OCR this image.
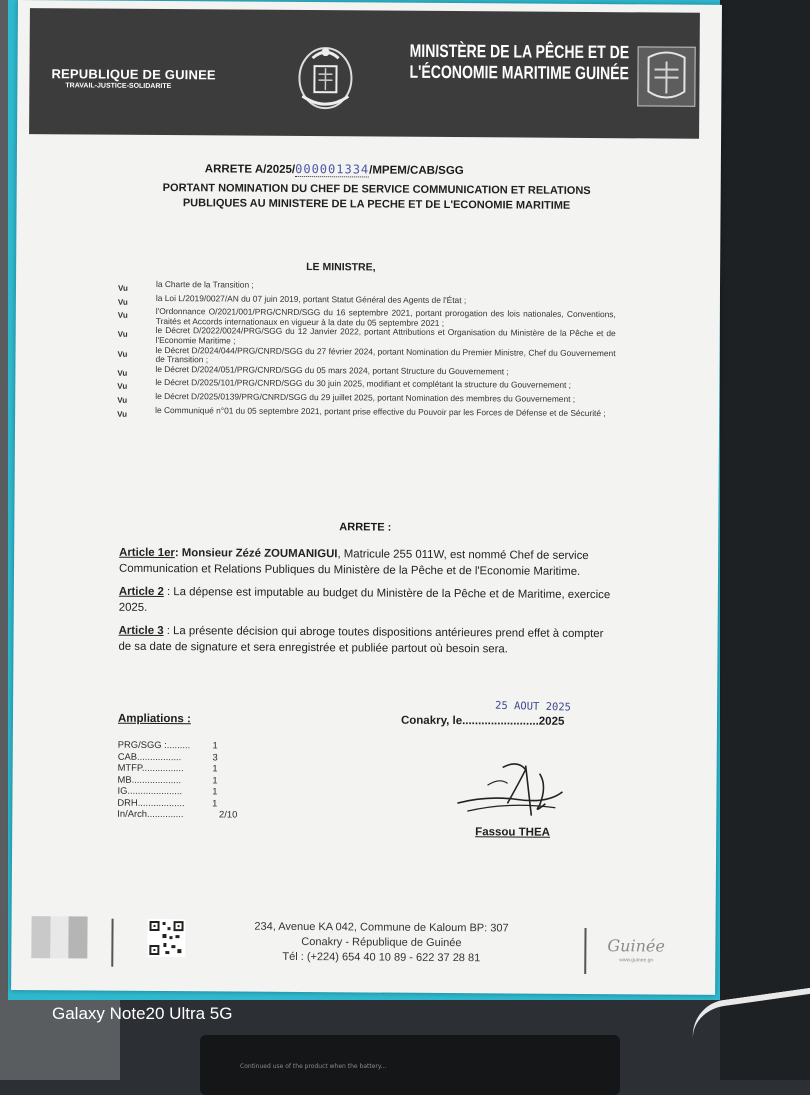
Continued use of the product when the battery...
REPUBLIQUE DE GUINEE
TRAVAIL-JUSTICE-SOLIDARITE
MINISTÈRE DE LA PÊCHE ET DE
L'ÉCONOMIE MARITIME GUINÉE
ARRETE A/2025/000001334/MPEM/CAB/SGG
PORTANT NOMINATION DU CHEF DE SERVICE COMMUNICATION ET RELATIONS PUBLIQUES AU MINISTERE DE LA PECHE ET DE L'ECONOMIE MARITIME
LE MINISTRE,
Vu	la Charte de la Transition ;
Vu	la Loi L/2019/0027/AN du 07 juin 2019, portant Statut Général des Agents de l'État ;
Vu	l'Ordonnance O/2021/001/PRG/CNRD/SGG du 16 septembre 2021, portant prorogation des lois nationales, Conventions, Traités et Accords internationaux en vigueur à la date du 05 septembre 2021 ;
Vu	le Décret D/2022/0024/PRG/SGG du 12 Janvier 2022, portant Attributions et Organisation du Ministère de la Pêche et de l'Economie Maritime ;
Vu	le Décret D/2024/044/PRG/CNRD/SGG du 27 février 2024, portant Nomination du Premier Ministre, Chef du Gouvernement de Transition ;
Vu	le Décret D/2024/051/PRG/CNRD/SGG du 05 mars 2024, portant Structure du Gouvernement ;
Vu	le Décret D/2025/101/PRG/CNRD/SGG du 30 juin 2025, modifiant et complétant la structure du Gouvernement ;
Vu	le Décret D/2025/0139/PRG/CNRD/SGG du 29 juillet 2025, portant Nomination des membres du Gouvernement ;
Vu	le Communiqué n°01 du 05 septembre 2021, portant prise effective du Pouvoir par les Forces de Défense et de Sécurité ;
ARRETE :
Article 1er: Monsieur Zézé ZOUMANIGUI, Matricule 255 011W, est nommé Chef de service Communication et Relations Publiques du Ministère de la Pêche et de l'Economie Maritime.
Article 2 : La dépense est imputable au budget du Ministère de la Pêche et de Maritime, exercice 2025.
Article 3 : La présente décision qui abroge toutes dispositions antérieures prend effet à compter de sa date de signature et sera enregistrée et publiée partout où besoin sera.
Ampliations :
PRG/SGG :.........	1
CAB.................	3
MTFP................	1
MB...................	1
IG.....................	1
DRH..................	1
In/Arch..............	2/10
25 AOUT 2025
Conakry, le........................2025
Fassou THEA
234, Avenue KA 042, Commune de Kaloum BP: 307
Conakry - République de Guinée
Tél : (+224) 654 40 10 89 - 622 37 28 81
Guinée
www.guinee.gn
Galaxy Note20 Ultra 5G
